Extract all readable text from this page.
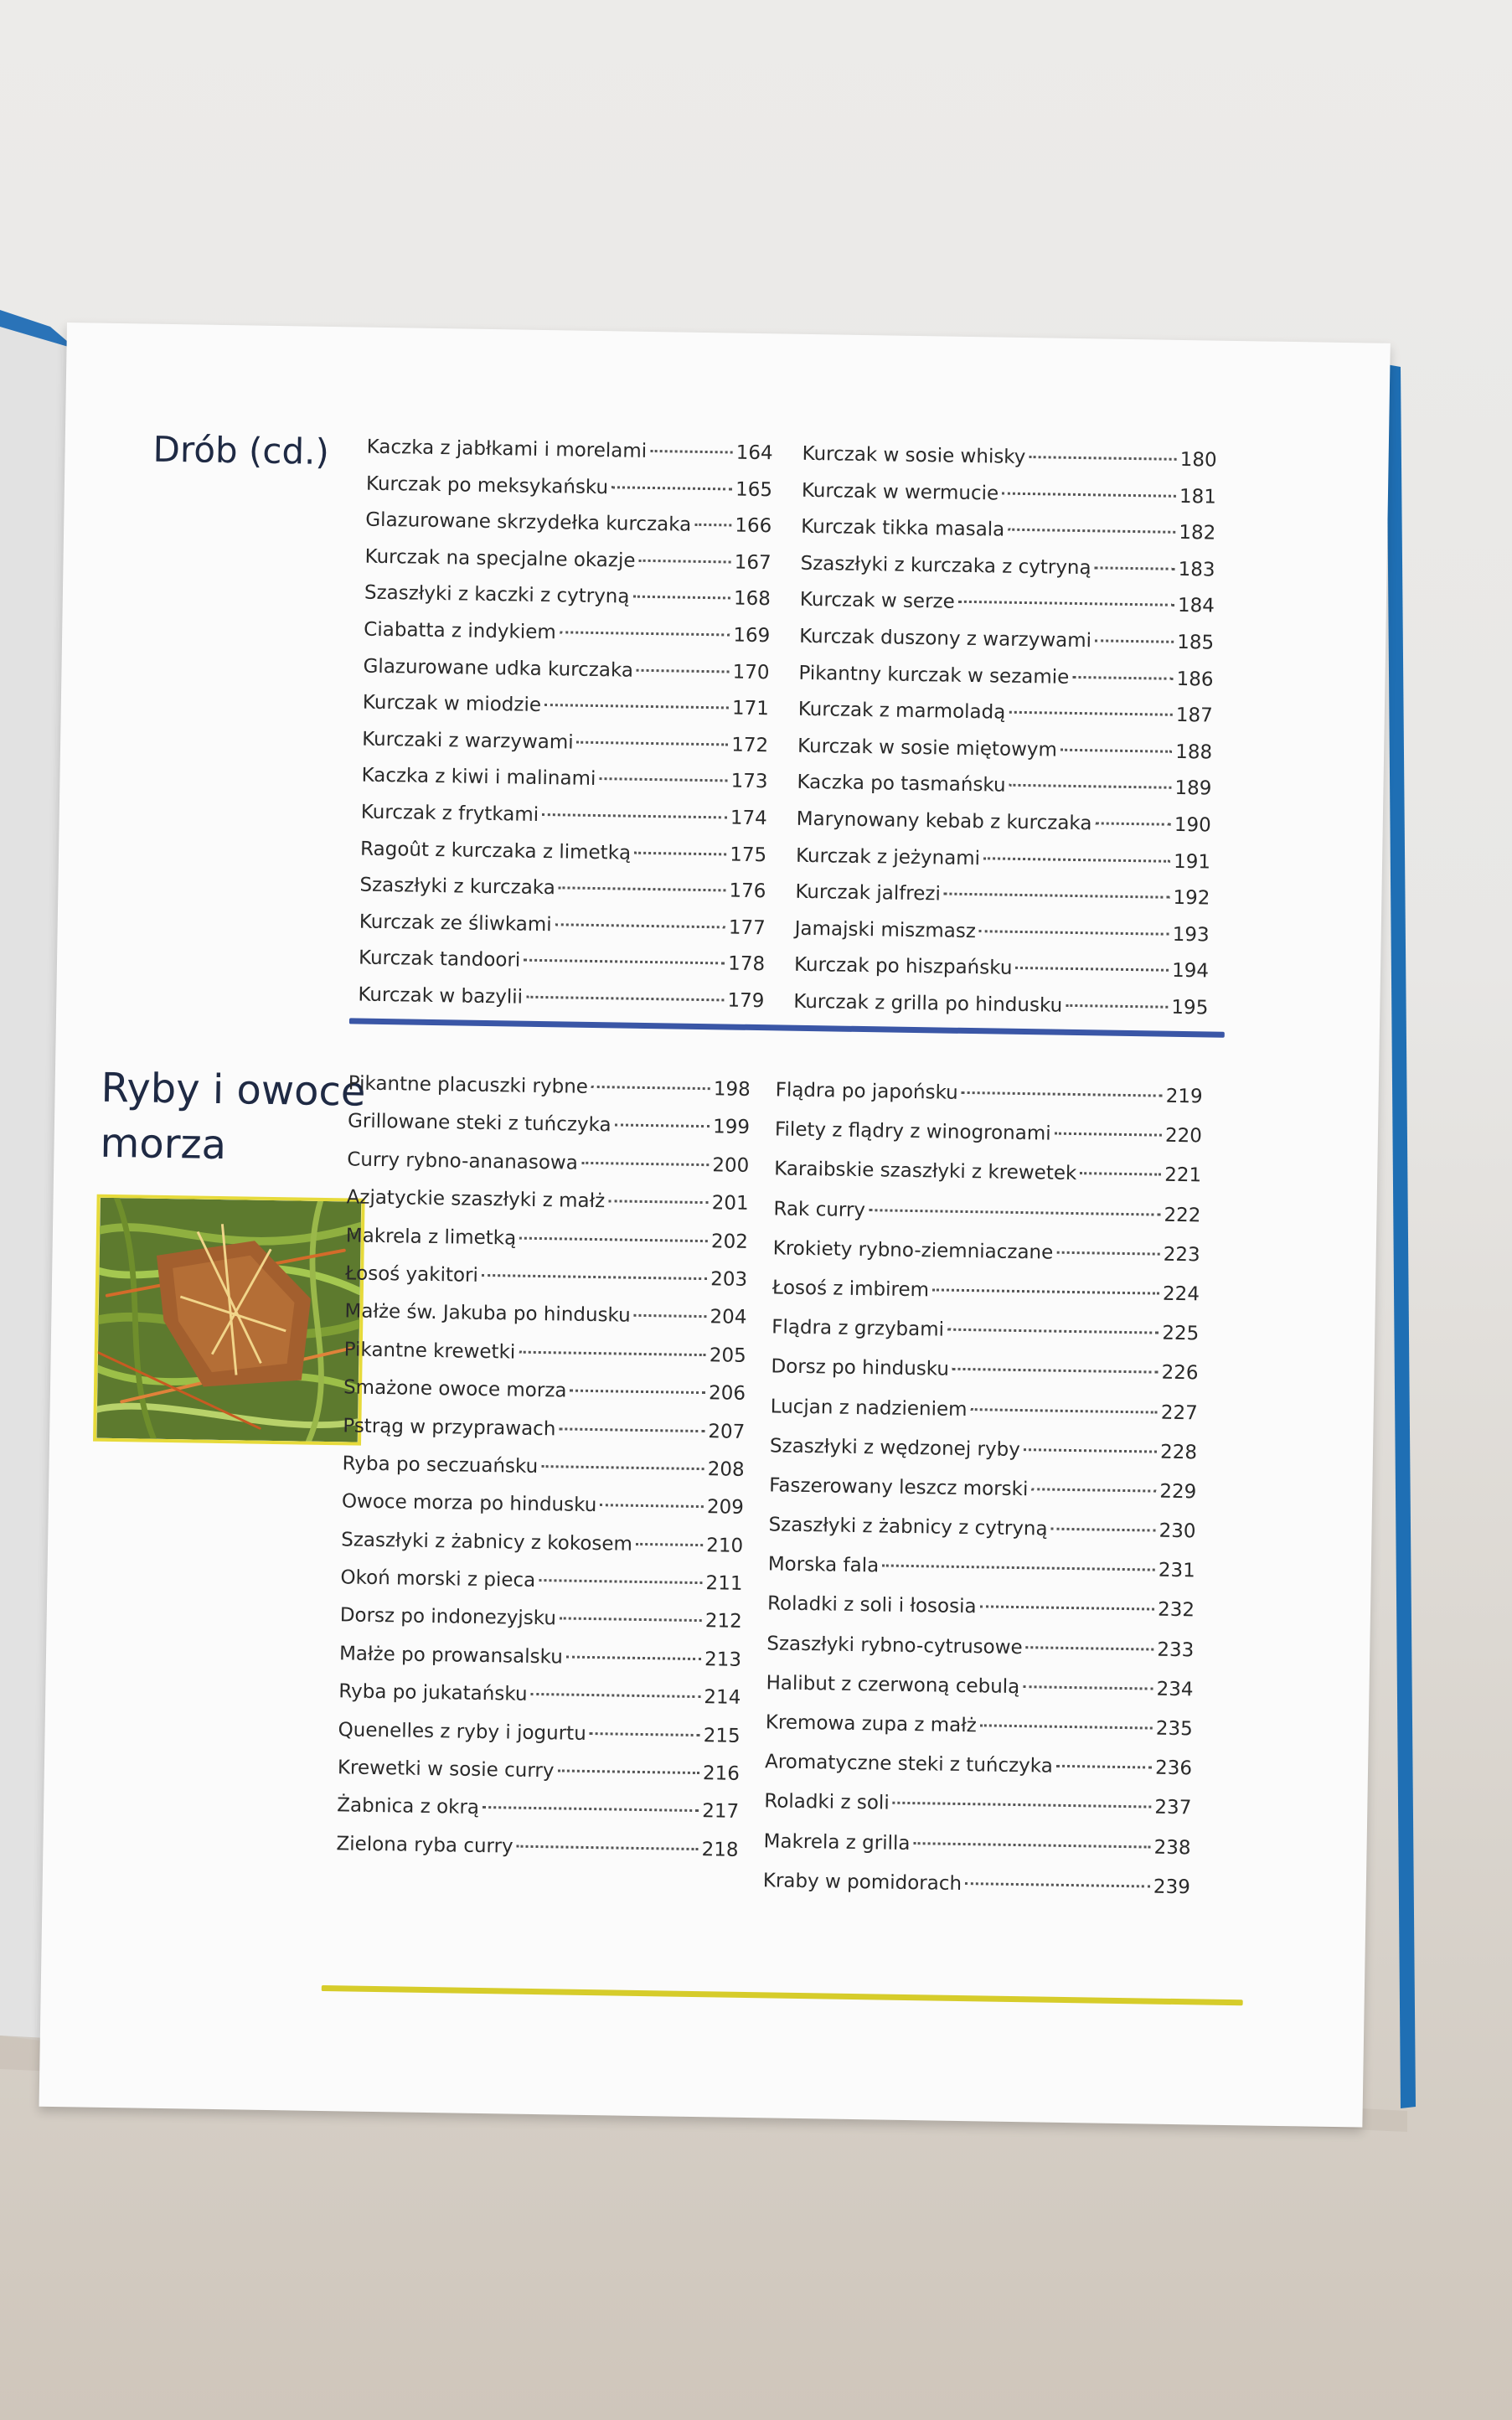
Drób (cd.) Kaczka z jabłkami i morelami	164
Kurczak po meksykańsku	165
Glazurowane skrzydełka kurczaka 166
Kurczak na specjalne okazje	167
Szaszłyki z kaczki z cytryną	168
Ciabatta z indykiem	169
Glazurowane udka kurczaka	170
Kurczak w miodzie	171
Kurczaki z warzywami	172
Kaczka z kiwi i malinami	173
Kurczak z frytkami	174
Ragoût z kurczaka z limetką	175
Szaszłyki z kurczaka	176
Kurczak ze śliwkami	177
Kurczak tandoori	178
Kurczak w bazylii	179
Kurczak w sosie whisky	180
Kurczak w wermucie	181
Kurczak tikka masala	182
Szaszłyki z kurczaka z cytryną	183
Kurczak w serze	184
Kurczak duszony z warzywami	185
Pikantny kurczak w sezamie	186
Kurczak z marmoladą	187
Kurczak w sosie miętowym	188
Kaczka po tasmańsku	189
Marynowany kebab z kurczaka	190
Kurczak z jeżynami	191
Kurczak jalfrezi	192
Jamajski miszmasz	193
Kurczak po hiszpańsku	194
Kurczak z grilla po hindusku	195
Ryby i owoce morza
Pikantne placuszki rybne	198
Grillowane steki z tuńczyka	199
Curry rybno-ananasowa	200
Azjatyckie szaszłyki z małż	201
Makrela z limetką	202
Łosoś yakitori	203
Małże św. Jakuba po hindusku	204
Pikantne krewetki	205
Smażone owoce morza	206
Pstrąg w przyprawach	207
Ryba po seczuańsku	208
Owoce morza po hindusku	209
Szaszłyki z żabnicy z kokosem	210
Okoń morski z pieca	211
Dorsz po indonezyjsku	212
Małże po prowansalsku	213
Ryba po jukatańsku	214
Quenelles z ryby i jogurtu	215
Krewetki w sosie curry	216
Żabnica z okrą	217
Zielona ryba curry	218
Flądra po japońsku	219
Filety z flądry z winogronami	220
Karaibskie szaszłyki z krewetek	221
Rak curry	222
Krokiety rybno-ziemniaczane	223
Łosoś z imbirem	224
Flądra z grzybami	225
Dorsz po hindusku	226
Lucjan z nadzieniem	227
Szaszłyki z wędzonej ryby	228
Faszerowany leszcz morski	229
Szaszłyki z żabnicy z cytryną	230
Morska fala	231
Roladki z soli i łososia	232
Szaszłyki rybno-cytrusowe	233
Halibut z czerwoną cebulą	234
Kremowa zupa z małż	235
Aromatyczne steki z tuńczyka	236
Roladki z soli	237
Makrela z grilla	238
Kraby w pomidorach	239
